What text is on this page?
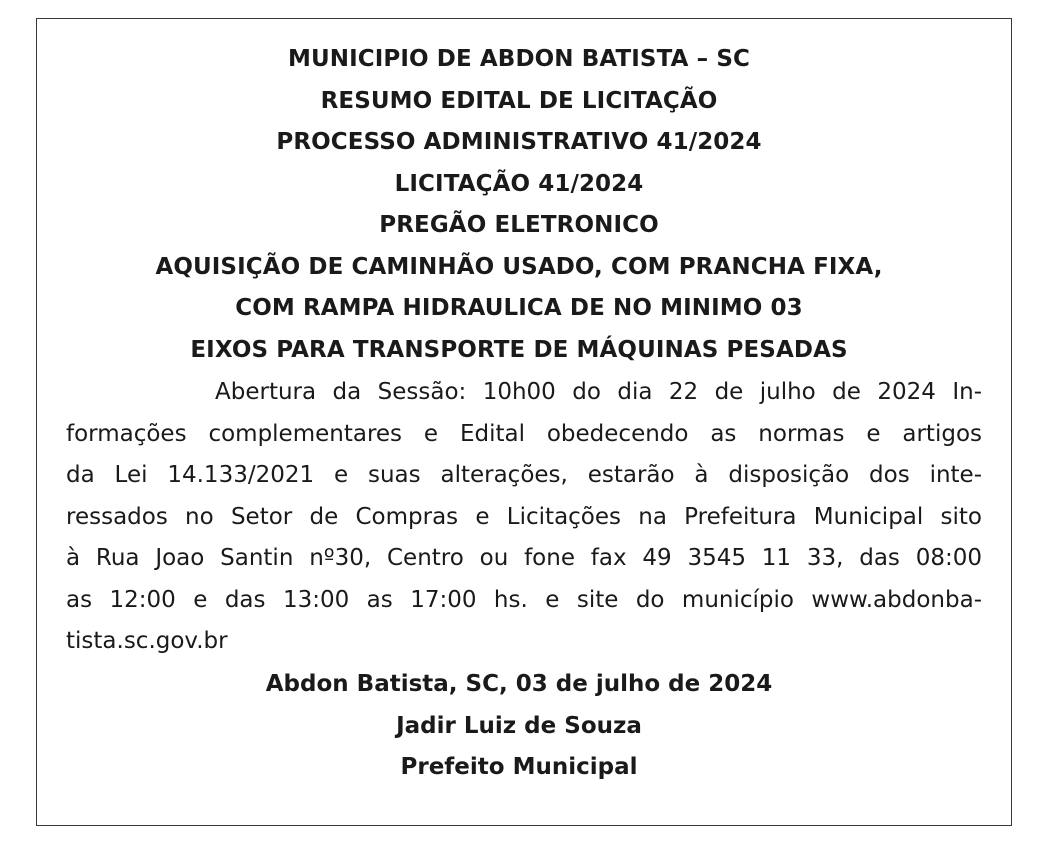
MUNICIPIO DE ABDON BATISTA – SC
RESUMO EDITAL DE LICITAÇÃO
PROCESSO ADMINISTRATIVO 41/2024
LICITAÇÃO 41/2024
PREGÃO ELETRONICO
AQUISIÇÃO DE CAMINHÃO USADO, COM PRANCHA FIXA,
COM RAMPA HIDRAULICA DE NO MINIMO 03
EIXOS PARA TRANSPORTE DE MÁQUINAS PESADAS

Abertura da Sessão: 10h00 do dia 22 de julho de 2024 In-
formações complementares e Edital obedecendo as normas e artigos
da Lei 14.133/2021 e suas alterações, estarão à disposição dos inte-
ressados no Setor de Compras e Licitações na Prefeitura Municipal sito
à Rua Joao Santin nº30, Centro ou fone fax 49 3545 11 33, das 08:00
as 12:00 e das 13:00 as 17:00 hs. e site do município www.abdonba-
tista.sc.gov.br

Abdon Batista, SC, 03 de julho de 2024
Jadir Luiz de Souza
Prefeito Municipal
